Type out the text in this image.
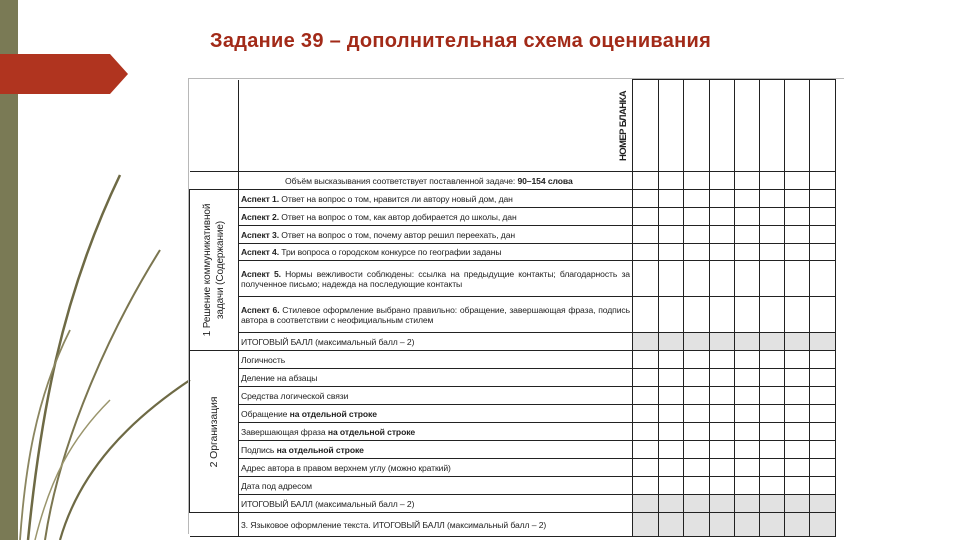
Задание 39 – дополнительная схема оценивания

	НОМЕР БЛАНКА								

	Объём высказывания соответствует поставленной задаче: 90–154 слова								

1 Решение коммуникативной задачи (Содержание)	Аспект 1. Ответ на вопрос о том, нравится ли автору новый дом, дан								
	Аспект 2. Ответ на вопрос о том, как автор добирается до школы, дан								
	Аспект 3. Ответ на вопрос о том, почему автор решил переехать, дан								
	Аспект 4. Три вопроса о городском конкурсе по географии заданы								
	Аспект 5. Нормы вежливости соблюдены: ссылка на предыдущие контакты; благодарность за полученное письмо; надежда на последующие контакты								
	Аспект 6. Стилевое оформление выбрано правильно: обращение, завершающая фраза, подпись автора в соответствии с неофициальным стилем								
	ИТОГОВЫЙ БАЛЛ (максимальный балл – 2)								

2 Организация	Логичность								
	Деление на абзацы								
	Средства логической связи								
	Обращение на отдельной строке								
	Завершающая фраза на отдельной строке								
	Подпись на отдельной строке								
	Адрес автора в правом верхнем углу (можно краткий)								
	Дата под адресом								
	ИТОГОВЫЙ БАЛЛ (максимальный балл – 2)								
	3. Языковое оформление текста. ИТОГОВЫЙ БАЛЛ (максимальный балл – 2)								
